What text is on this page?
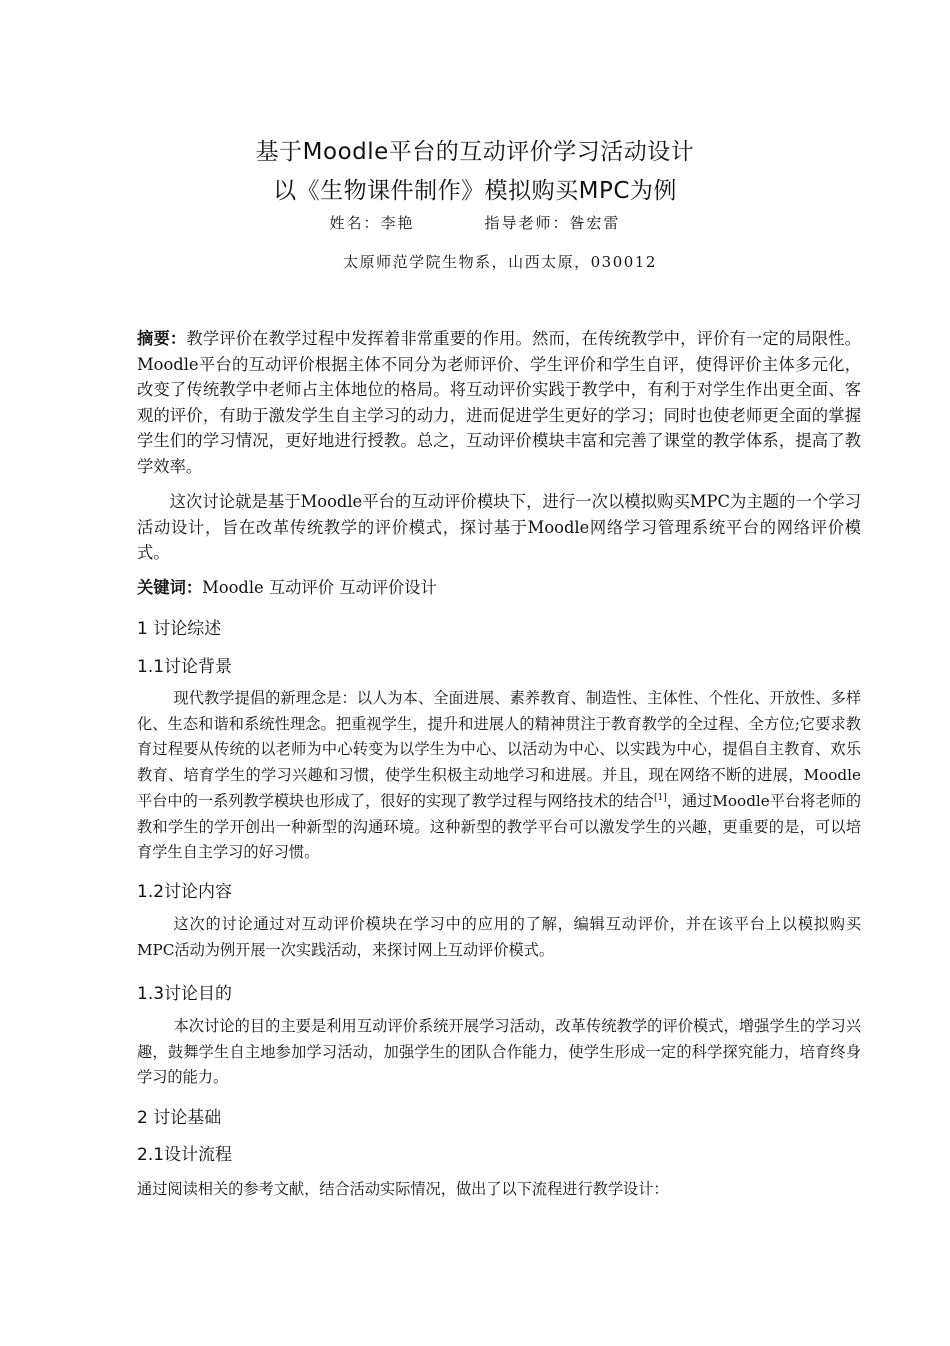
基于Moodle平台的互动评价学习活动设计
以《生物课件制作》模拟购买MPC为例
姓名：李艳	指导老师：昝宏雷
太原师范学院生物系，山西太原，030012
摘要：教学评价在教学过程中发挥着非常重要的作用。然而，在传统教学中，评价有一定的局限性。Moodle平台的互动评价根据主体不同分为老师评价、学生评价和学生自评，使得评价主体多元化，改变了传统教学中老师占主体地位的格局。将互动评价实践于教学中，有利于对学生作出更全面、客观的评价，有助于激发学生自主学习的动力，进而促进学生更好的学习；同时也使老师更全面的掌握学生们的学习情况，更好地进行授教。总之，互动评价模块丰富和完善了课堂的教学体系，提高了教学效率。
这次讨论就是基于Moodle平台的互动评价模块下，进行一次以模拟购买MPC为主题的一个学习活动设计，旨在改革传统教学的评价模式，探讨基于Moodle网络学习管理系统平台的网络评价模式。
关键词：Moodle 互动评价 互动评价设计
1 讨论综述
1.1讨论背景
现代教学提倡的新理念是：以人为本、全面进展、素养教育、制造性、主体性、个性化、开放性、多样化、生态和谐和系统性理念。把重视学生，提升和进展人的精神贯注于教育教学的全过程、全方位;它要求教育过程要从传统的以老师为中心转变为以学生为中心、以活动为中心、以实践为中心，提倡自主教育、欢乐教育、培育学生的学习兴趣和习惯，使学生积极主动地学习和进展。并且，现在网络不断的进展，Moodle平台中的一系列教学模块也形成了，很好的实现了教学过程与网络技术的结合[1]，通过Moodle平台将老师的教和学生的学开创出一种新型的沟通环境。这种新型的教学平台可以激发学生的兴趣，更重要的是，可以培育学生自主学习的好习惯。
1.2讨论内容
这次的讨论通过对互动评价模块在学习中的应用的了解，编辑互动评价，并在该平台上以模拟购买MPC活动为例开展一次实践活动，来探讨网上互动评价模式。
1.3讨论目的
本次讨论的目的主要是利用互动评价系统开展学习活动，改革传统教学的评价模式，增强学生的学习兴趣，鼓舞学生自主地参加学习活动，加强学生的团队合作能力，使学生形成一定的科学探究能力，培育终身学习的能力。
2 讨论基础
2.1设计流程
通过阅读相关的参考文献，结合活动实际情况，做出了以下流程进行教学设计：
